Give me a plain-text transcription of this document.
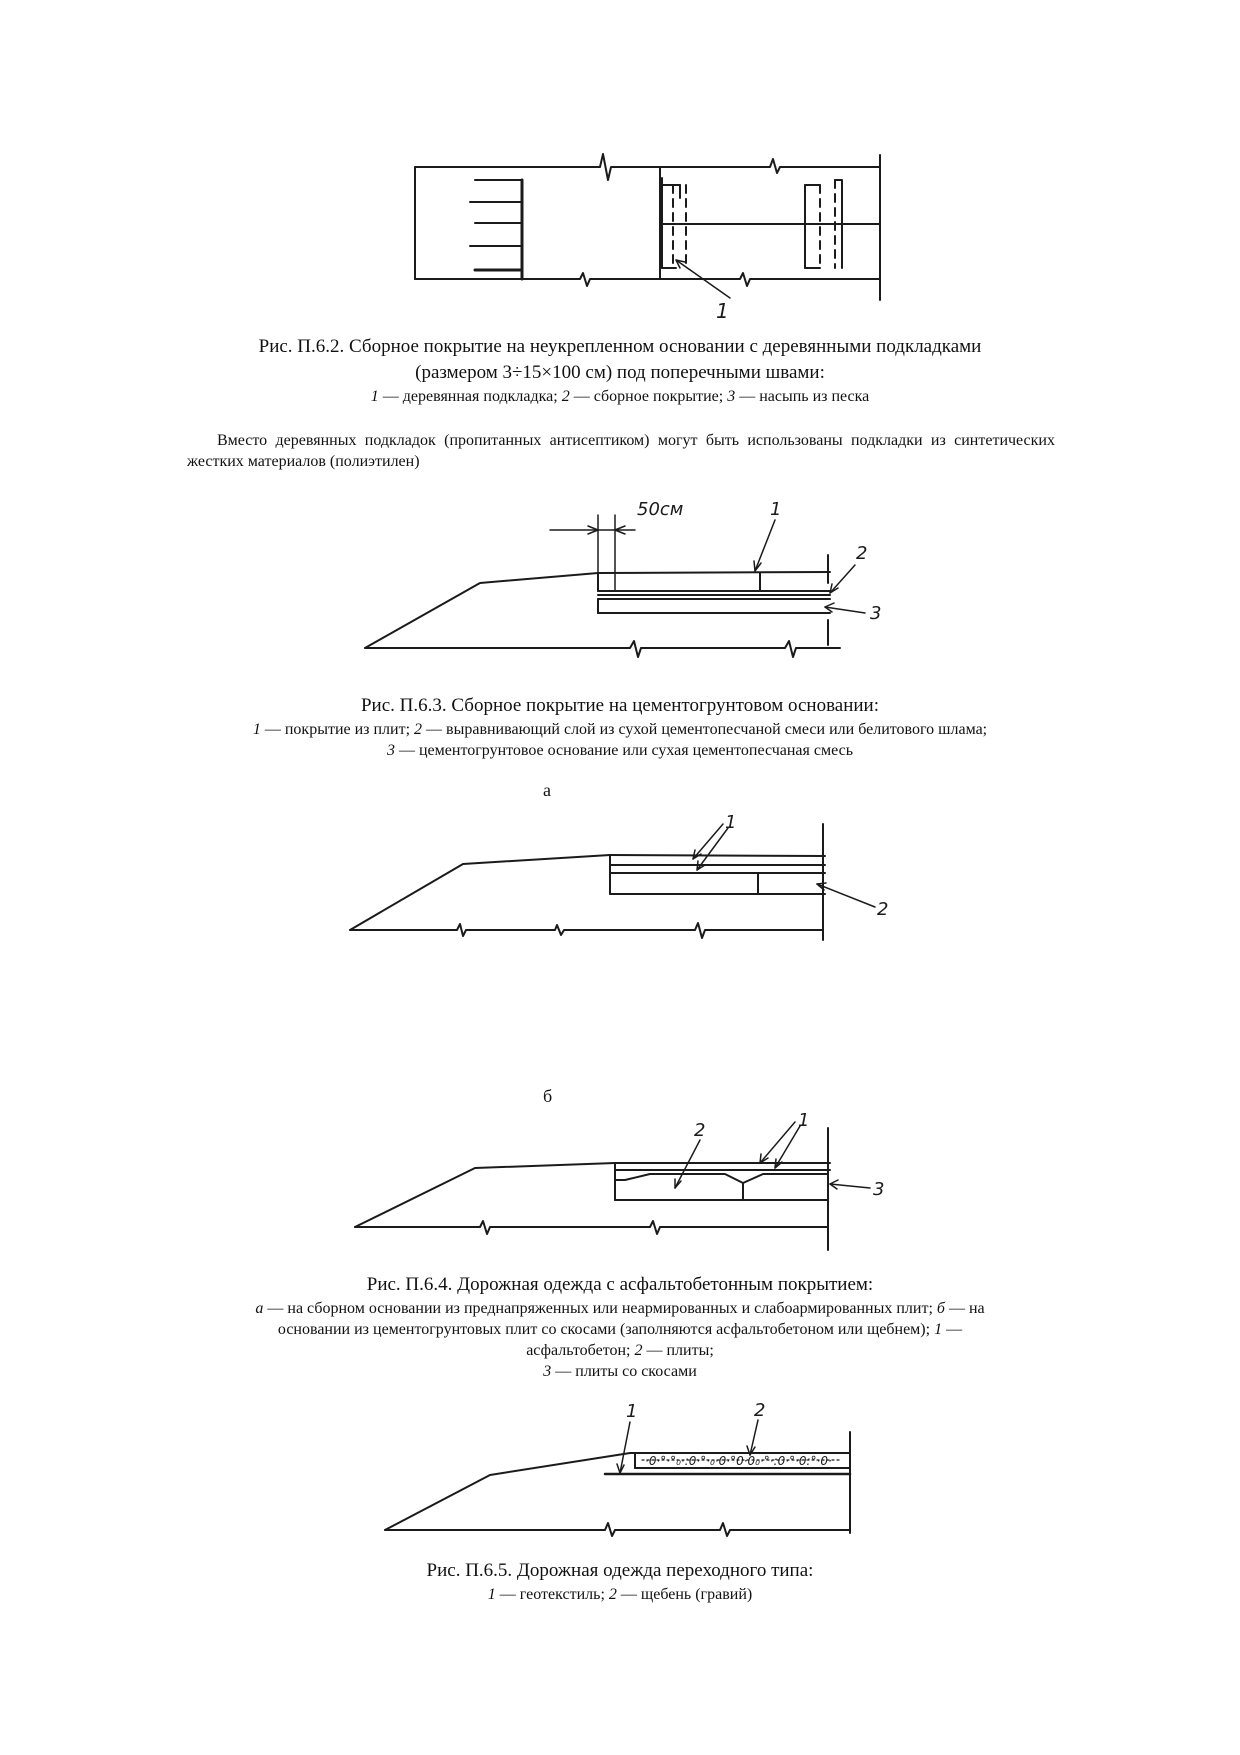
1

Рис. П.6.2. Сборное покрытие на неукрепленном основании с деревянными подкладками

(размером 3÷15×100 см) под поперечными швами:

1 — деревянная подкладка; 2 — сборное покрытие; 3 — насыпь из песка

Вместо деревянных подкладок (пропитанных антисептиком) могут быть использованы подкладки из синтетических жестких материалов (полиэтилен)

50см	1
2
3

Рис. П.6.3. Сборное покрытие на цементогрунтовом основании:

1 — покрытие из плит; 2 — выравнивающий слой из сухой цементопесчаной смеси или белитового шлама;

3 — цементогрунтовое основание или сухая цементопесчаная смесь

а
1
2
б
2	1
3

Рис. П.6.4. Дорожная одежда с асфальтобетонным покрытием:

а — на сборном основании из преднапряженных или неармированных и слабоармированных плит; б — на

основании из цементогрунтовых плит со скосами (заполняются асфальтобетоном или щебнем); 1 —

асфальтобетон; 2 — плиты;

3 — плиты со скосами

·0·°·°₀·:0·°·₀·0·°0·0₀·°·:0·°·0:°·0·
1	2

Рис. П.6.5. Дорожная одежда переходного типа:

1 — геотекстиль; 2 — щебень (гравий)
